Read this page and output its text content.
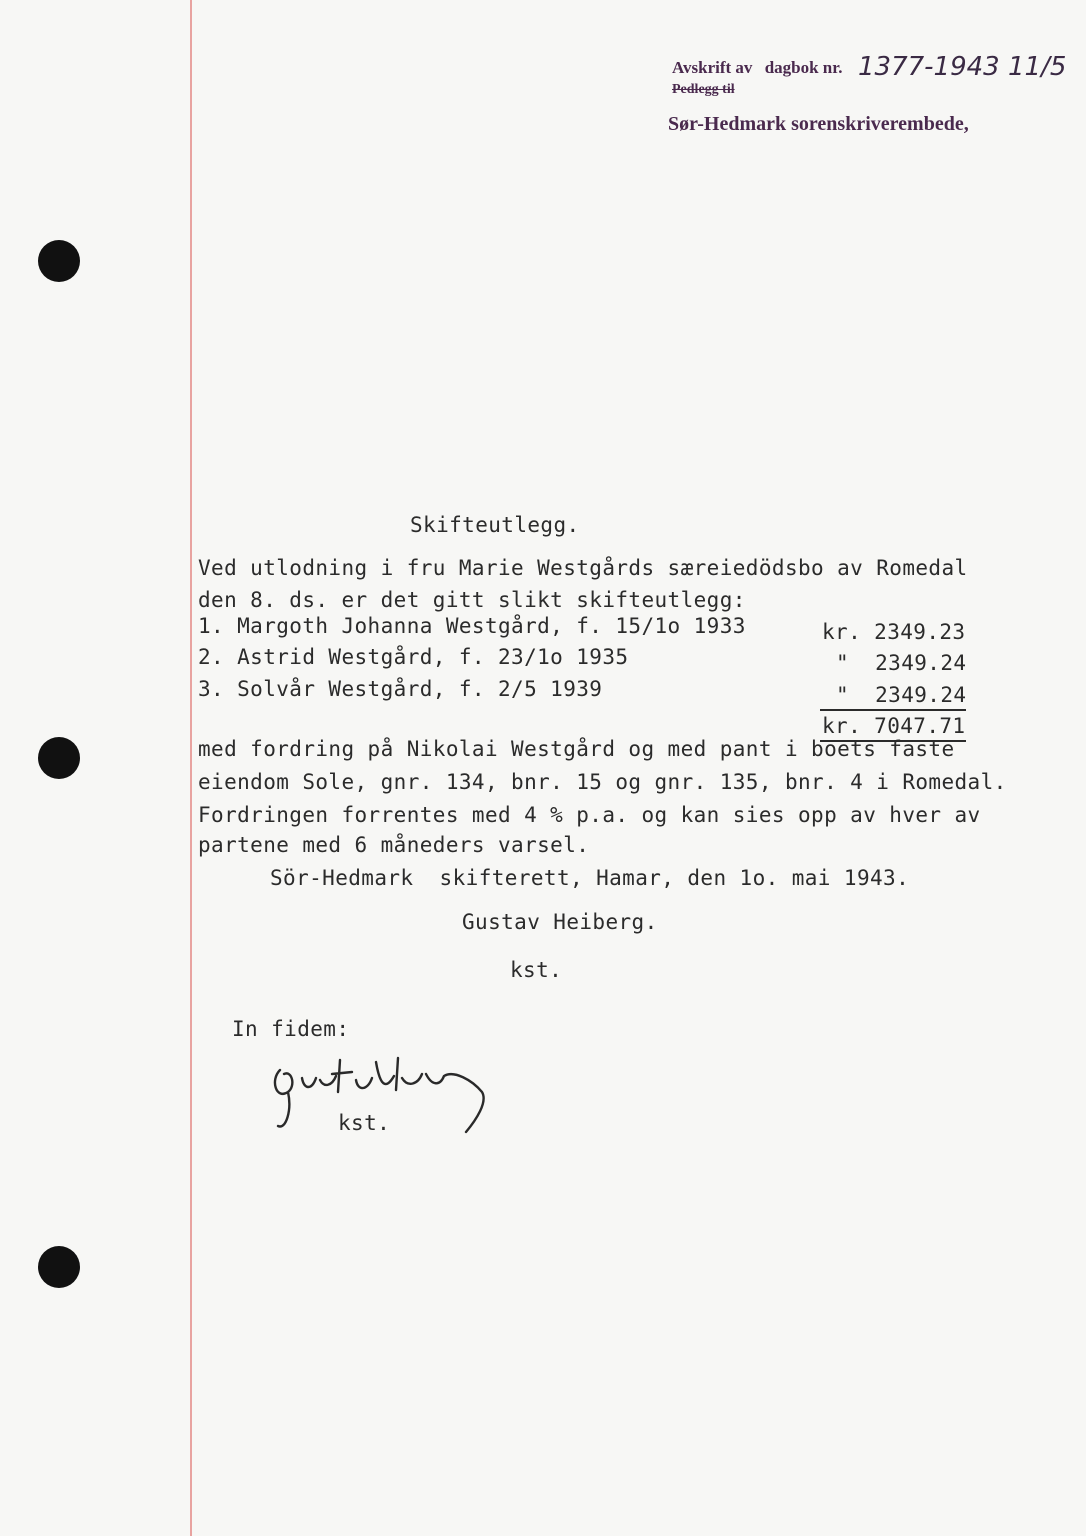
Avskrift av dagbok nr.
Pedlegg til
Sør-Hedmark sorenskriverembede,
1377-1943 11/5
Skifteutlegg.
Ved utlodning i fru Marie Westgårds særeiedödsbo av Romedal
den 8. ds. er det gitt slikt skifteutlegg:
1. Margoth Johanna Westgård, f. 15/1o 1933	kr. 2349.23
2. Astrid Westgård, f. 23/1o 1935	"  2349.24
3. Solvår Westgård, f. 2/5 1939	"  2349.24
kr. 7047.71
med fordring på Nikolai Westgård og med pant i boets faste
eiendom Sole, gnr. 134, bnr. 15 og gnr. 135, bnr. 4 i Romedal.
Fordringen forrentes med 4 % p.a. og kan sies opp av hver av
partene med 6 måneders varsel.
Sör-Hedmark  skifterett, Hamar, den 1o. mai 1943.
Gustav Heiberg.
kst.
In fidem:
kst.
